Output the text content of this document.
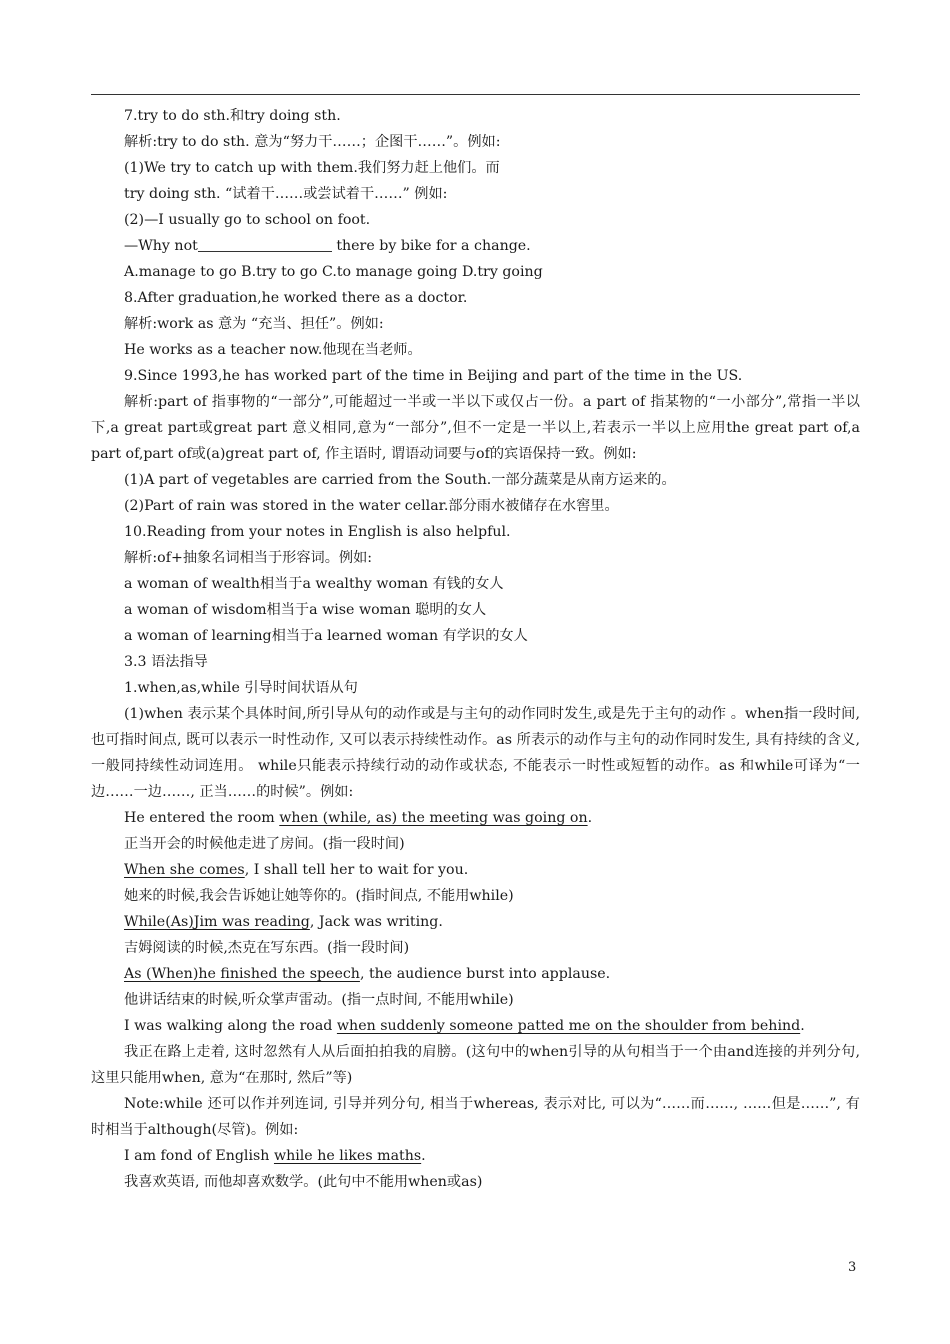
7.try to do sth.和try doing sth.

解析:try to do sth. 意为“努力干……；企图干……”。例如:

(1)We try to catch up with them.我们努力赶上他们。而

try doing sth. “试着干……或尝试着干……” 例如:

(2)—I usually go to school on foot.

—Why not	there by bike for a change.

A.manage to go B.try to go C.to manage going D.try going

8.After graduation,he worked there as a doctor.

解析:work as 意为 “充当、担任”。例如:

He works as a teacher now.他现在当老师。

9.Since 1993,he has worked part of the time in Beijing and part of the time in the US.

解析:part of 指事物的“一部分”,可能超过一半或一半以下或仅占一份。a part of 指某物的“一小部分”,常指一半以下,a great part或great part 意义相同,意为“一部分”,但不一定是一半以上,若表示一半以上应用the great part of,a part of,part of或(a)great part of, 作主语时, 谓语动词要与of的宾语保持一致。例如:

(1)A part of vegetables are carried from the South.一部分蔬菜是从南方运来的。

(2)Part of rain was stored in the water cellar.部分雨水被储存在水窖里。

10.Reading from your notes in English is also helpful.

解析:of+抽象名词相当于形容词。例如:

a woman of wealth相当于a wealthy woman 有钱的女人

a woman of wisdom相当于a wise woman 聪明的女人

a woman of learning相当于a learned woman 有学识的女人

3.3 语法指导

1.when,as,while 引导时间状语从句

(1)when 表示某个具体时间,所引导从句的动作或是与主句的动作同时发生,或是先于主句的动作 。when指一段时间, 也可指时间点, 既可以表示一时性动作, 又可以表示持续性动作。as 所表示的动作与主句的动作同时发生, 具有持续的含义, 一般同持续性动词连用。 while只能表示持续行动的动作或状态, 不能表示一时性或短暂的动作。as 和while可译为“一边……一边……, 正当……的时候”。例如:

He entered the room when (while, as) the meeting was going on.

正当开会的时候他走进了房间。(指一段时间)

When she comes, I shall tell her to wait for you.

她来的时候,我会告诉她让她等你的。(指时间点, 不能用while)

While(As)Jim was reading, Jack was writing.

吉姆阅读的时候,杰克在写东西。(指一段时间)

As (When)he finished the speech, the audience burst into applause.

他讲话结束的时候,听众掌声雷动。(指一点时间, 不能用while)

I was walking along the road when suddenly someone patted me on the shoulder from behind.

我正在路上走着, 这时忽然有人从后面拍拍我的肩膀。(这句中的when引导的从句相当于一个由and连接的并列分句, 这里只能用when, 意为“在那时, 然后”等)

Note:while 还可以作并列连词, 引导并列分句, 相当于whereas, 表示对比, 可以为“……而……, ……但是……”, 有时相当于although(尽管)。例如:

I am fond of English while he likes maths.

我喜欢英语, 而他却喜欢数学。(此句中不能用when或as)

3
